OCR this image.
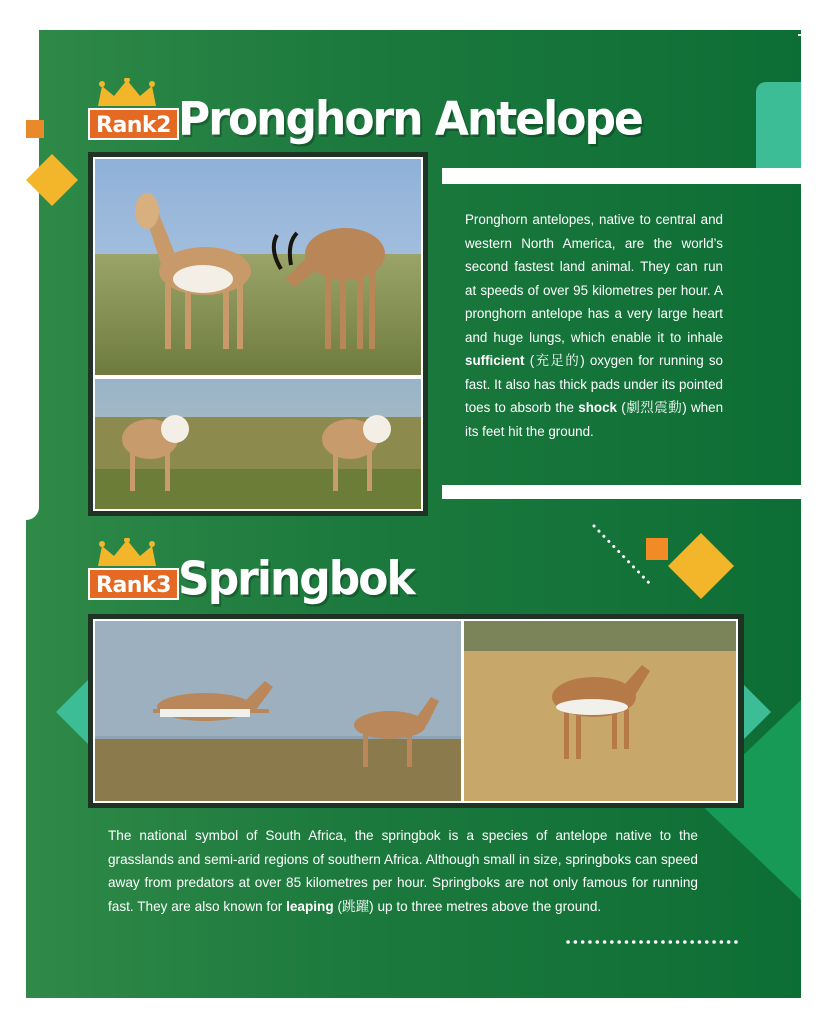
Rank2 Pronghorn Antelope
Pronghorn antelopes, native to central and western North America, are the world’s second fastest land animal. They can run at speeds of over 95 kilometres per hour. A pronghorn antelope has a very large heart and huge lungs, which enable it to inhale sufficient (充足的) oxygen for running so fast. It also has thick pads under its pointed toes to absorb the shock (劇烈震動) when its feet hit the ground.
Rank3 Springbok
The national symbol of South Africa, the springbok is a species of antelope native to the grasslands and semi-arid regions of southern Africa. Although small in size, springboks can speed away from predators at over 85 kilometres per hour. Springboks are not only famous for running fast. They are also known for leaping (跳躍) up to three metres above the ground.
